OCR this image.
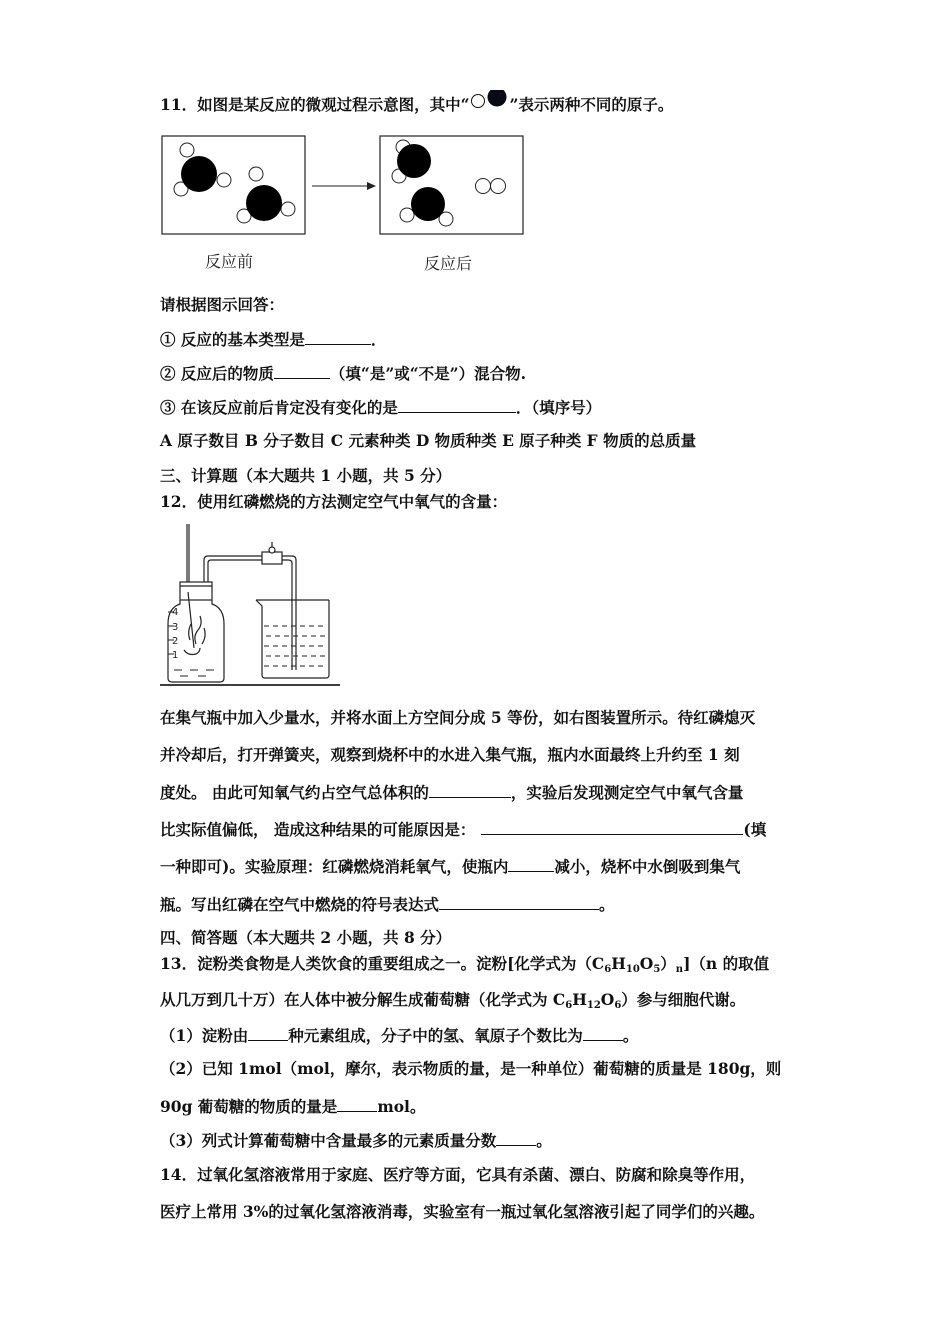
11．如图是某反应的微观过程示意图，其中“	”表示两种不同的原子。
反应前	反应后
请根据图示回答：
① 反应的基本类型是	．
② 反应后的物质	（填“是”或“不是”）混合物.
③ 在该反应前后肯定没有变化的是	．（填序号）
A 原子数目 B 分子数目 C 元素种类 D 物质种类 E 原子种类 F 物质的总质量
三、计算题（本大题共 1 小题，共 5 分）
12．使用红磷燃烧的方法测定空气中氧气的含量：
4
3
2
1
在集气瓶中加入少量水，并将水面上方空间分成 5 等份，如右图装置所示。待红磷熄灭
并冷却后，打开弹簧夹，观察到烧杯中的水进入集气瓶，瓶内水面最终上升约至 1 刻
度处。 由此可知氧气约占空气总体积的	，实验后发现测定空气中氧气含量
比实际值偏低， 造成这种结果的可能原因是：	(填
一种即可)。实验原理：红磷燃烧消耗氧气，使瓶内	减小，烧杯中水倒吸到集气
瓶。写出红磷在空气中燃烧的符号表达式	。
四、简答题（本大题共 2 小题，共 8 分）
13．淀粉类食物是人类饮食的重要组成之一。淀粉[化学式为$(C_6H_{10}O_5)_n](n$ 的取值
从几万到几十万）在人体中被分解生成葡萄糖（化学式为 $C_6H_{12}O_6$）参与细胞代谢。
（1）淀粉由	种元素组成，分子中的氢、氧原子个数比为	。
（2）已知 1mol（mol，摩尔，表示物质的量，是一种单位）葡萄糖的质量是 180g，则
90g 葡萄糖的物质的量是	mol。
（3）列式计算葡萄糖中含量最多的元素质量分数	。
14．过氧化氢溶液常用于家庭、医疗等方面，它具有杀菌、漂白、防腐和除臭等作用，
医疗上常用 3%的过氧化氢溶液消毒，实验室有一瓶过氧化氢溶液引起了同学们的兴趣。
